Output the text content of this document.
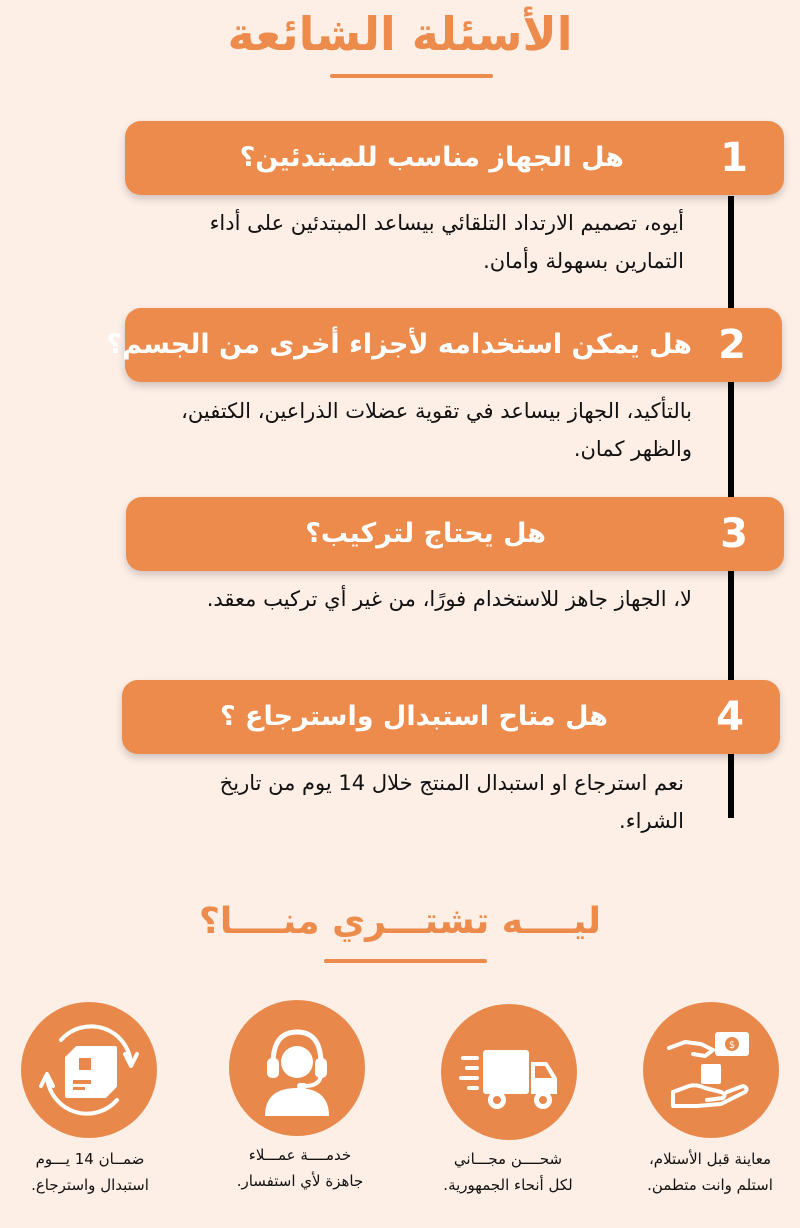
الأسئلة الشائعة
1
هل الجهاز مناسب للمبتدئين؟
أيوه، تصميم الارتداد التلقائي بيساعد المبتدئين على أداء
التمارين بسهولة وأمان.
2
هل يمكن استخدامه لأجزاء أخرى من الجسم؟
بالتأكيد، الجهاز بيساعد في تقوية عضلات الذراعين، الكتفين،
والظهر كمان.
3
هل يحتاج لتركيب؟
لا، الجهاز جاهز للاستخدام فورًا، من غير أي تركيب معقد.
4
هل متاح استبدال واسترجاع ؟
نعم استرجاع او استبدال المنتج خلال 14 يوم من تاريخ
الشراء.
ليــــه تشتـــري منــــا؟
$
معاينة قبل الأستلام،
استلم وانت متطمن.
شحــــن مجـــاني
لكل أنحاء الجمهورية.
خدمــــة عمـــلاء
جاهزة لأي استفسار.
ضمــان 14 يـــوم
استبدال واسترجاع.
